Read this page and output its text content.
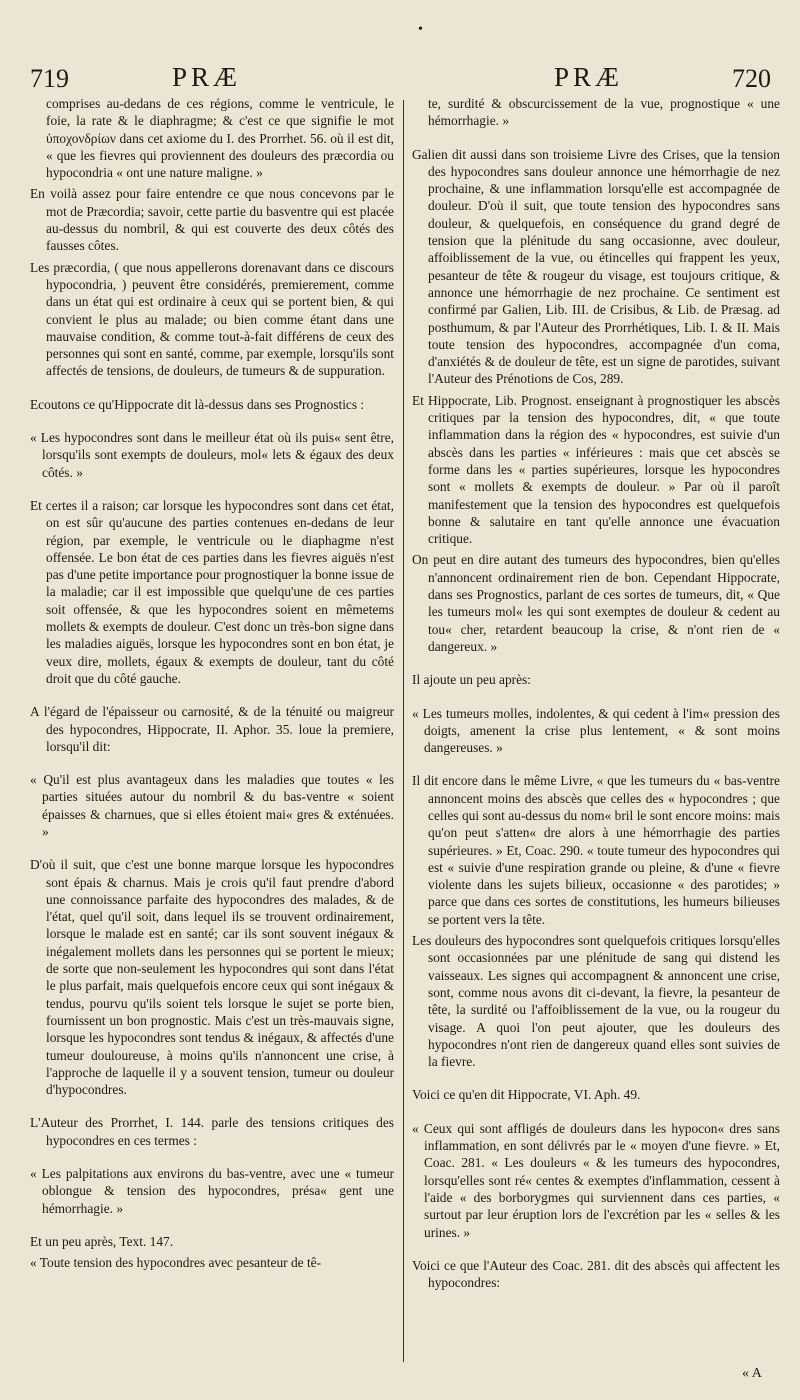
•
719	PRÆ	PRÆ	720

comprises au-dedans de ces régions, comme le ventricule, le foie, la rate & le diaphragme; & c'est ce que signifie le mot ὑποχονδρίων dans cet axiome du I. des Prorrhet. 56. où il est dit, « que les fievres qui proviennent des douleurs des præcordia ou hypocondria « ont une nature maligne. »

En voilà assez pour faire entendre ce que nous concevons par le mot de Præcordia; savoir, cette partie du basventre qui est placée au-dessus du nombril, & qui est couverte des deux côtés des fausses côtes.

Les præcordia, ( que nous appellerons dorenavant dans ce discours hypocondria, ) peuvent être considérés, premierement, comme dans un état qui est ordinaire à ceux qui se portent bien, & qui convient le plus au malade; ou bien comme étant dans une mauvaise condition, & comme tout-à-fait différens de ceux des personnes qui sont en santé, comme, par exemple, lorsqu'ils sont affectés de tensions, de douleurs, de tumeurs & de suppuration.

Ecoutons ce qu'Hippocrate dit là-dessus dans ses Prognostics :

« Les hypocondres sont dans le meilleur état où ils puis« sent être, lorsqu'ils sont exempts de douleurs, mol« lets & égaux des deux côtés. »

Et certes il a raison; car lorsque les hypocondres sont dans cet état, on est sûr qu'aucune des parties contenues en-dedans de leur région, par exemple, le ventricule ou le diaphagme n'est offensée. Le bon état de ces parties dans les fievres aiguës n'est pas d'une petite importance pour prognostiquer la bonne issue de la maladie; car il est impossible que quelqu'une de ces parties soit offensée, & que les hypocondres soient en mêmetems mollets & exempts de douleur. C'est donc un très-bon signe dans les maladies aiguës, lorsque les hypocondres sont en bon état, je veux dire, mollets, égaux & exempts de douleur, tant du côté droit que du côté gauche.

A l'égard de l'épaisseur ou carnosité, & de la ténuité ou maigreur des hypocondres, Hippocrate, II. Aphor. 35. loue la premiere, lorsqu'il dit:

« Qu'il est plus avantageux dans les maladies que toutes « les parties situées autour du nombril & du bas-ventre « soient épaisses & charnues, que si elles étoient mai« gres & exténuées. »

D'où il suit, que c'est une bonne marque lorsque les hypocondres sont épais & charnus. Mais je crois qu'il faut prendre d'abord une connoissance parfaite des hypocondres des malades, & de l'état, quel qu'il soit, dans lequel ils se trouvent ordinairement, lorsque le malade est en santé; car ils sont souvent inégaux & inégalement mollets dans les personnes qui se portent le mieux; de sorte que non-seulement les hypocondres qui sont dans l'état le plus parfait, mais quelquefois encore ceux qui sont inégaux & tendus, pourvu qu'ils soient tels lorsque le sujet se porte bien, fournissent un bon prognostic. Mais c'est un très-mauvais signe, lorsque les hypocondres sont tendus & inégaux, & affectés d'une tumeur douloureuse, à moins qu'ils n'annoncent une crise, à l'approche de laquelle il y a souvent tension, tumeur ou douleur d'hypocondres.

L'Auteur des Prorrhet, I. 144. parle des tensions critiques des hypocondres en ces termes :

« Les palpitations aux environs du bas-ventre, avec une « tumeur oblongue & tension des hypocondres, présa« gent une hémorrhagie. »

Et un peu après, Text. 147.

« Toute tension des hypocondres avec pesanteur de tê-

te, surdité & obscurcissement de la vue, prognostique « une hémorrhagie. »

Galien dit aussi dans son troisieme Livre des Crises, que la tension des hypocondres sans douleur annonce une hémorrhagie de nez prochaine, & une inflammation lorsqu'elle est accompagnée de douleur. D'où il suit, que toute tension des hypocondres sans douleur, & quelquefois, en conséquence du grand degré de tension que la plénitude du sang occasionne, avec douleur, affoiblissement de la vue, ou étincelles qui frappent les yeux, pesanteur de tête & rougeur du visage, est toujours critique, & annonce une hémorrhagie de nez prochaine. Ce sentiment est confirmé par Galien, Lib. III. de Crisibus, & Lib. de Præsag. ad posthumum, & par l'Auteur des Prorrhétiques, Lib. I. & II. Mais toute tension des hypocondres, accompagnée d'un coma, d'anxiétés & de douleur de tête, est un signe de parotides, suivant l'Auteur des Prénotions de Cos, 289.

Et Hippocrate, Lib. Prognost. enseignant à prognostiquer les abscès critiques par la tension des hypocondres, dit, « que toute inflammation dans la région des « hypocondres, est suivie d'un abscès dans les parties « inférieures : mais que cet abscès se forme dans les « parties supérieures, lorsque les hypocondres sont « mollets & exempts de douleur. » Par où il paroît manifestement que la tension des hypocondres est quelquefois bonne & salutaire en tant qu'elle annonce une évacuation critique.

On peut en dire autant des tumeurs des hypocondres, bien qu'elles n'annoncent ordinairement rien de bon. Cependant Hippocrate, dans ses Prognostics, parlant de ces sortes de tumeurs, dit, « Que les tumeurs mol« les qui sont exemptes de douleur & cedent au tou« cher, retardent beaucoup la crise, & n'ont rien de « dangereux. »

Il ajoute un peu après:

« Les tumeurs molles, indolentes, & qui cedent à l'im« pression des doigts, amenent la crise plus lentement, « & sont moins dangereuses. »

Il dit encore dans le même Livre, « que les tumeurs du « bas-ventre annoncent moins des abscès que celles des « hypocondres ; que celles qui sont au-dessus du nom« bril le sont encore moins: mais qu'on peut s'atten« dre alors à une hémorrhagie des parties supérieures. » Et, Coac. 290. « toute tumeur des hypocondres qui est « suivie d'une respiration grande ou pleine, & d'une « fievre violente dans les sujets bilieux, occasionne « des parotides; » parce que dans ces sortes de constitutions, les humeurs bilieuses se portent vers la tête.

Les douleurs des hypocondres sont quelquefois critiques lorsqu'elles sont occasionnées par une plénitude de sang qui distend les vaisseaux. Les signes qui accompagnent & annoncent une crise, sont, comme nous avons dit ci-devant, la fievre, la pesanteur de tête, la surdité ou l'affoiblissement de la vue, ou la rougeur du visage. A quoi l'on peut ajouter, que les douleurs des hypocondres n'ont rien de dangereux quand elles sont suivies de la fievre.

Voici ce qu'en dit Hippocrate, VI. Aph. 49.

« Ceux qui sont affligés de douleurs dans les hypocon« dres sans inflammation, en sont délivrés par le « moyen d'une fievre. » Et, Coac. 281. « Les douleurs « & les tumeurs des hypocondres, lorsqu'elles sont ré« centes & exemptes d'inflammation, cessent à l'aide « des borborygmes qui surviennent dans ces parties, « surtout par leur éruption lors de l'excrétion par les « selles & les urines. »

Voici ce que l'Auteur des Coac. 281. dit des abscès qui affectent les hypocondres:

« A
